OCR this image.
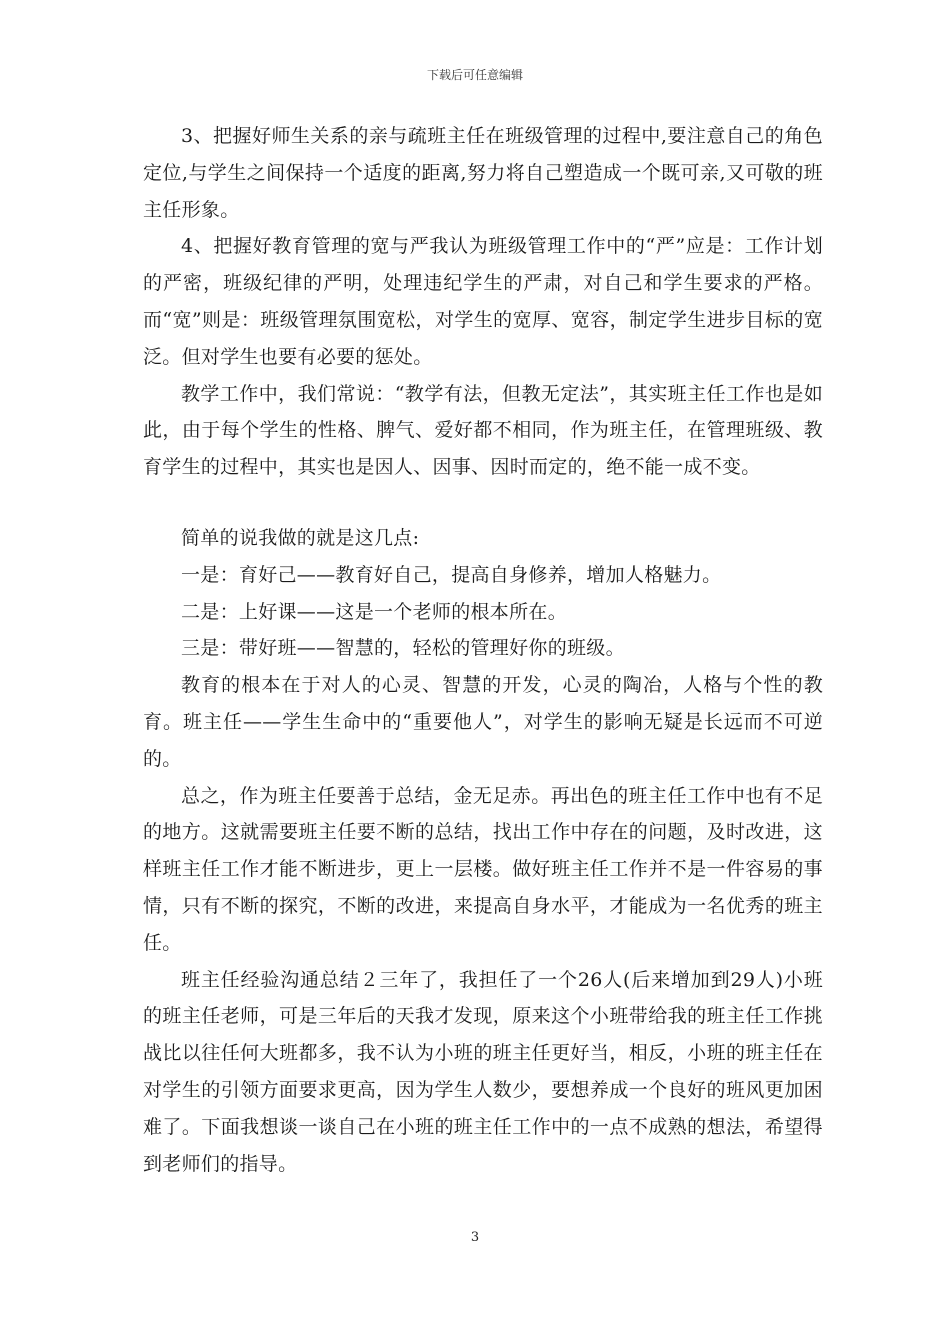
下载后可任意编辑

3、把握好师生关系的亲与疏班主任在班级管理的过程中,要注意自己的角色定位,与学生之间保持一个适度的距离,努力将自己塑造成一个既可亲,又可敬的班主任形象。

4、把握好教育管理的宽与严我认为班级管理工作中的“严”应是：工作计划的严密，班级纪律的严明，处理违纪学生的严肃，对自己和学生要求的严格。而“宽”则是：班级管理氛围宽松，对学生的宽厚、宽容，制定学生进步目标的宽泛。但对学生也要有必要的惩处。

教学工作中，我们常说：“教学有法，但教无定法”，其实班主任工作也是如此，由于每个学生的性格、脾气、爱好都不相同，作为班主任，在管理班级、教育学生的过程中，其实也是因人、因事、因时而定的，绝不能一成不变。

简单的说我做的就是这几点:

一是：育好己——教育好自己，提高自身修养，增加人格魅力。

二是：上好课——这是一个老师的根本所在。

三是：带好班——智慧的，轻松的管理好你的班级。

教育的根本在于对人的心灵、智慧的开发，心灵的陶冶，人格与个性的教育。班主任——学生生命中的“重要他人”，对学生的影响无疑是长远而不可逆的。

总之，作为班主任要善于总结，金无足赤。再出色的班主任工作中也有不足的地方。这就需要班主任要不断的总结，找出工作中存在的问题，及时改进，这样班主任工作才能不断进步，更上一层楼。做好班主任工作并不是一件容易的事情，只有不断的探究，不断的改进，来提高自身水平，才能成为一名优秀的班主任。

班主任经验沟通总结２三年了，我担任了一个26人(后来增加到29人)小班的班主任老师，可是三年后的天我才发现，原来这个小班带给我的班主任工作挑战比以往任何大班都多，我不认为小班的班主任更好当，相反，小班的班主任在对学生的引领方面要求更高，因为学生人数少，要想养成一个良好的班风更加困难了。下面我想谈一谈自己在小班的班主任工作中的一点不成熟的想法，希望得到老师们的指导。

3
